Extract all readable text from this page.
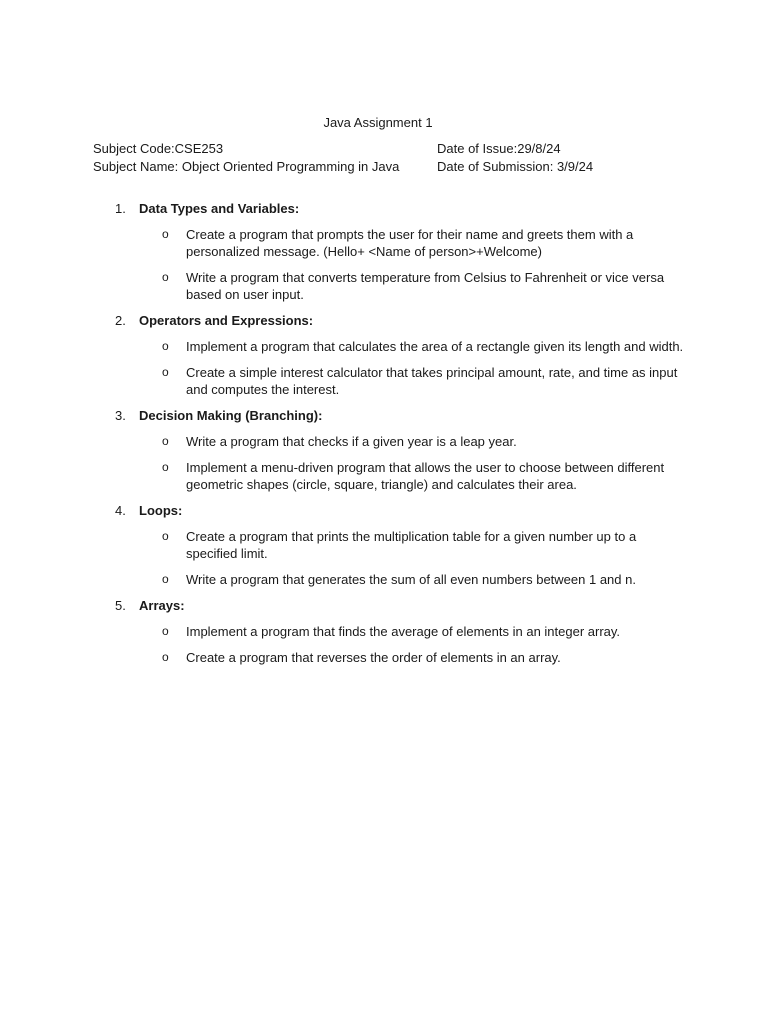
Java Assignment 1
Subject Code:CSE253	Date of Issue:29/8/24
Subject Name: Object Oriented Programming in Java	Date of Submission: 3/9/24
1. Data Types and Variables:
o Create a program that prompts the user for their name and greets them with a personalized message. (Hello+ <Name of person>+Welcome)
o Write a program that converts temperature from Celsius to Fahrenheit or vice versa based on user input.
2. Operators and Expressions:
o Implement a program that calculates the area of a rectangle given its length and width.
o Create a simple interest calculator that takes principal amount, rate, and time as input and computes the interest.
3. Decision Making (Branching):
o Write a program that checks if a given year is a leap year.
o Implement a menu-driven program that allows the user to choose between different geometric shapes (circle, square, triangle) and calculates their area.
4. Loops:
o Create a program that prints the multiplication table for a given number up to a specified limit.
o Write a program that generates the sum of all even numbers between 1 and n.
5. Arrays:
o Implement a program that finds the average of elements in an integer array.
o Create a program that reverses the order of elements in an array.
